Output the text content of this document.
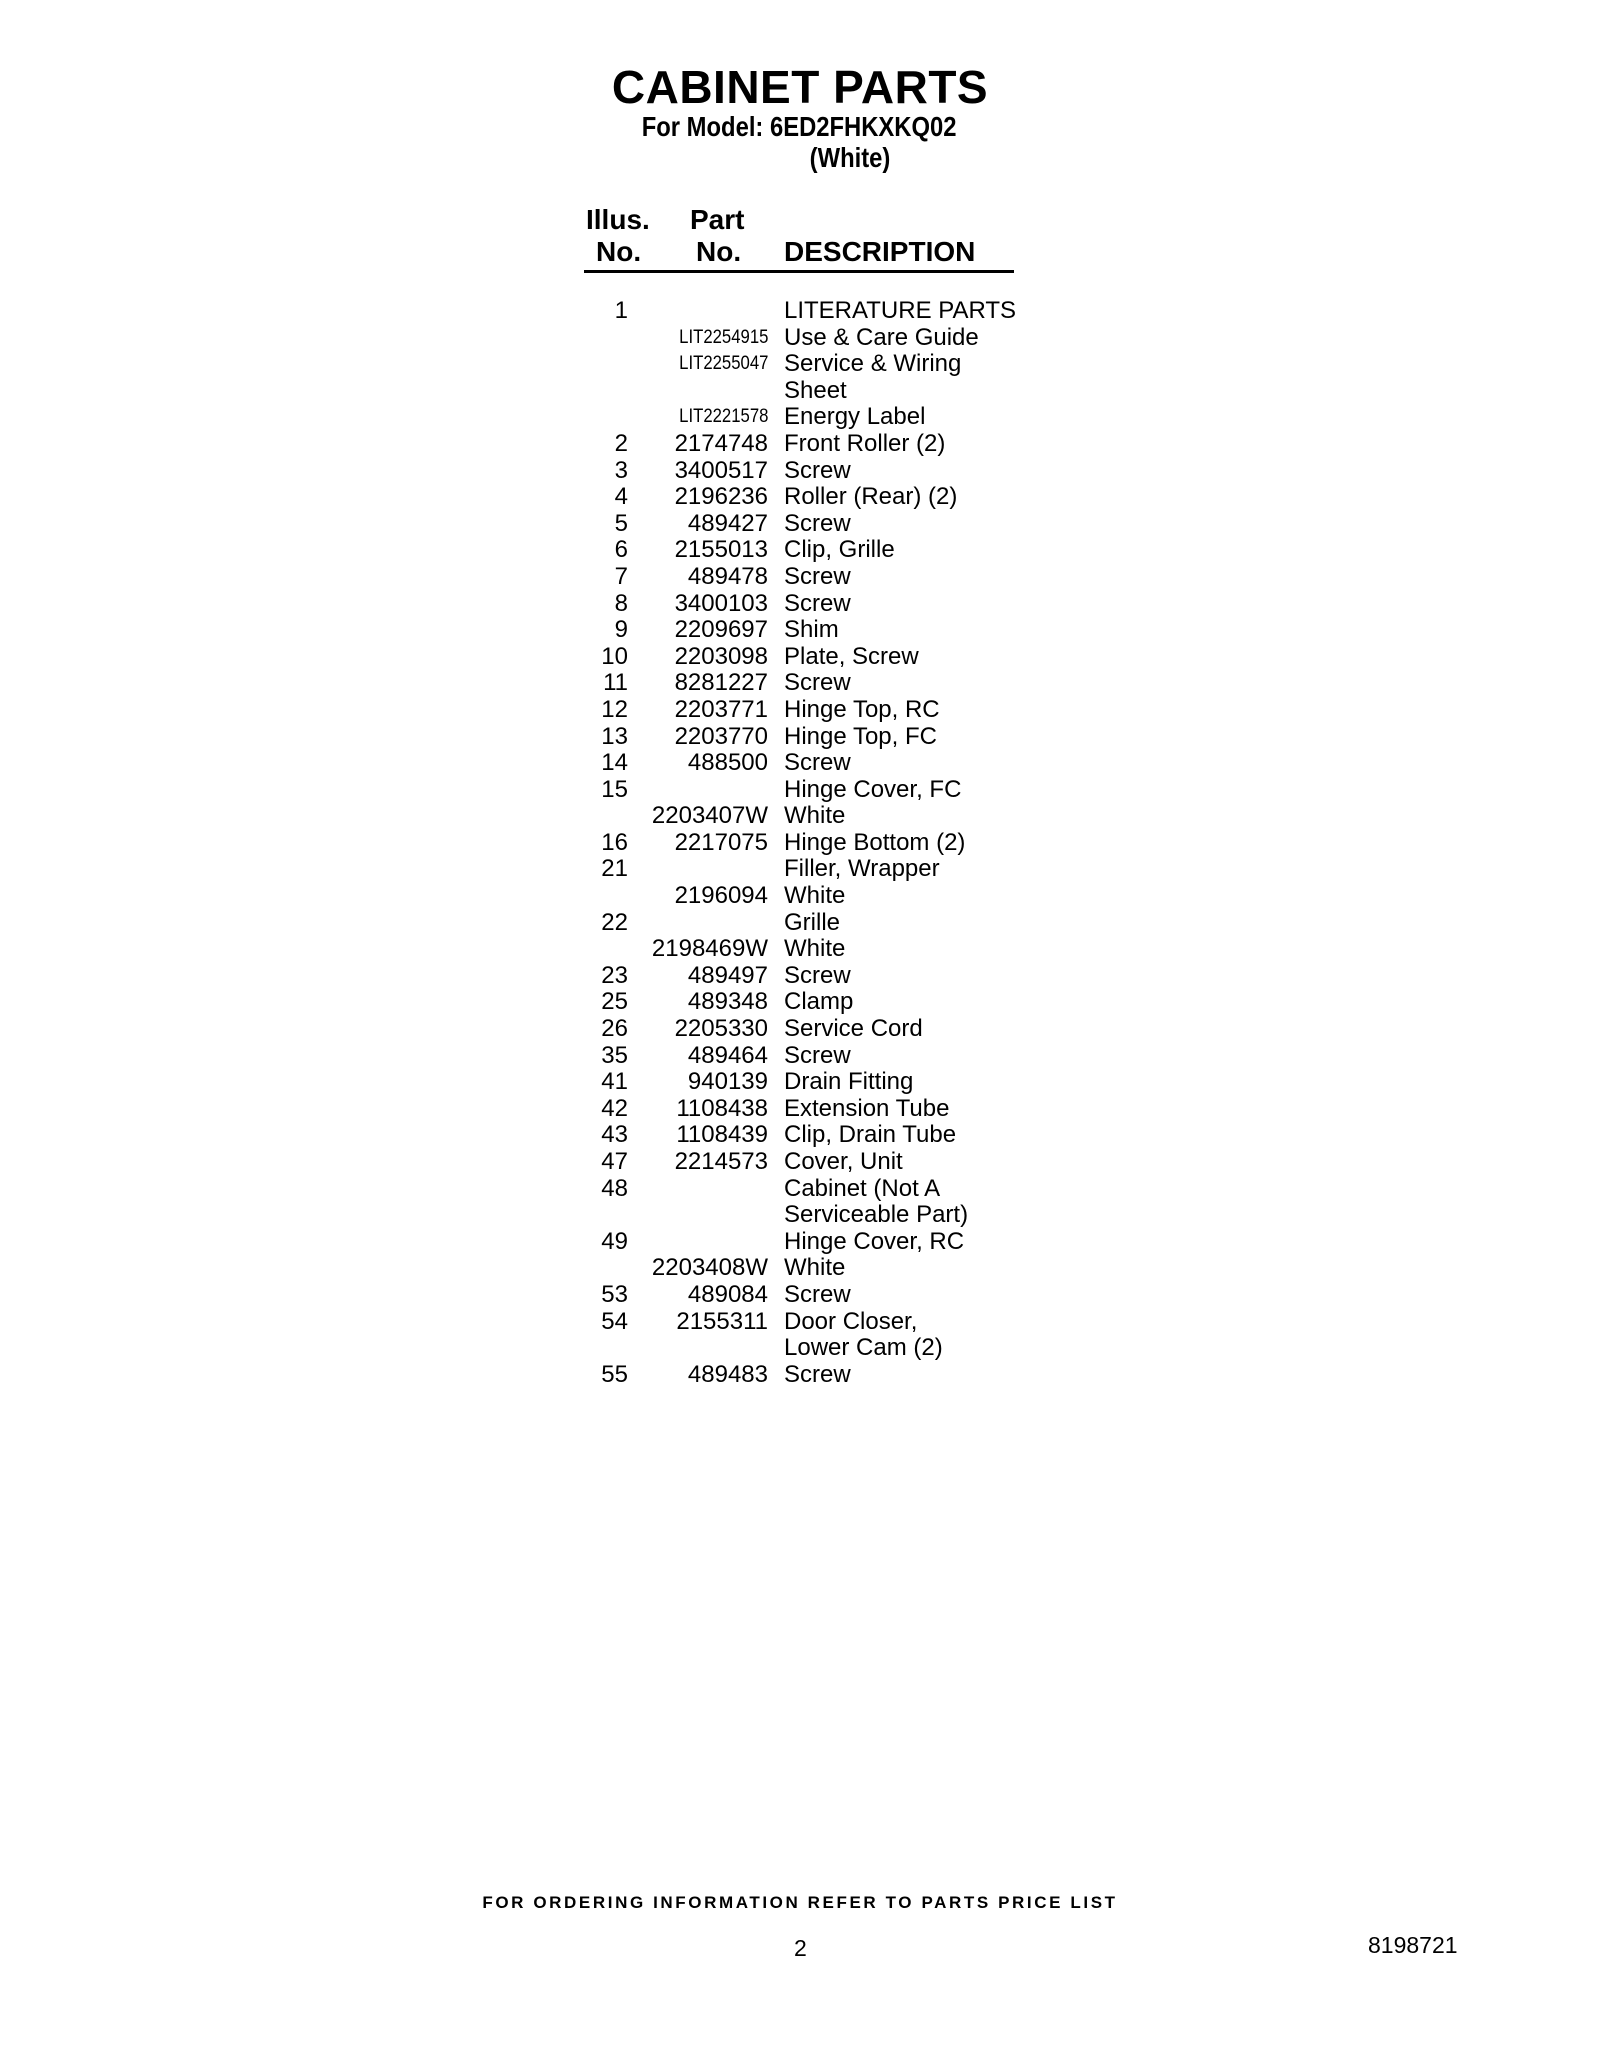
CABINET PARTS
For Model: 6ED2FHKXKQ02
(White)
Illus.
No.
Part
No. DESCRIPTION
1	LITERATURE PARTS
LIT2254915 Use & Care Guide
LIT2255047 Service & Wiring
Sheet
LIT2221578 Energy Label
2 2174748 Front Roller (2)
3 3400517 Screw
4 2196236 Roller (Rear) (2)
5 489427 Screw
6 2155013 Clip, Grille
7 489478 Screw
8 3400103 Screw
9 2209697 Shim
10 2203098 Plate, Screw
11 8281227 Screw
12 2203771 Hinge Top, RC
13 2203770 Hinge Top, FC
14 488500 Screw
15	Hinge Cover, FC
2203407W White
16 2217075 Hinge Bottom (2)
21	Filler, Wrapper
2196094 White
22	Grille
2198469W White
23 489497 Screw
25 489348 Clamp
26 2205330 Service Cord
35 489464 Screw
41 940139 Drain Fitting
42 1108438 Extension Tube
43 1108439 Clip, Drain Tube
47 2214573 Cover, Unit
48	Cabinet (Not A
Serviceable Part)
49	Hinge Cover, RC
2203408W White
53 489084 Screw
54 2155311 Door Closer,
Lower Cam (2)
55 489483 Screw
FOR ORDERING INFORMATION REFER TO PARTS PRICE LIST
2	8198721
